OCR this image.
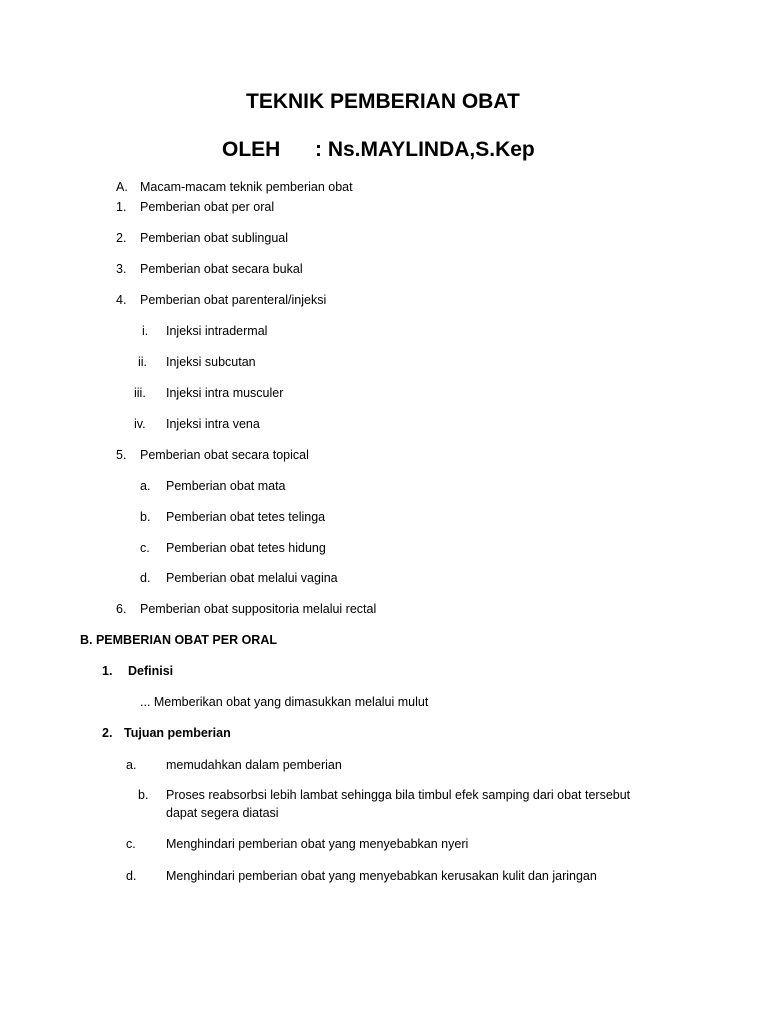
TEKNIK PEMBERIAN OBAT
OLEH : Ns.MAYLINDA,S.Kep
A. Macam-macam teknik pemberian obat
1. Pemberian obat per oral
2. Pemberian obat sublingual
3. Pemberian obat secara bukal
4. Pemberian obat parenteral/injeksi
i. Injeksi intradermal
ii. Injeksi subcutan
iii. Injeksi intra musculer
iv. Injeksi intra vena
5. Pemberian obat secara topical
a. Pemberian obat mata
b. Pemberian obat tetes telinga
c. Pemberian obat tetes hidung
d. Pemberian obat melalui vagina
6. Pemberian obat suppositoria melalui rectal
B. PEMBERIAN OBAT PER ORAL
1. Definisi
... Memberikan obat yang dimasukkan melalui mulut
2. Tujuan pemberian
a. memudahkan dalam pemberian
b. Proses reabsorbsi lebih lambat sehingga bila timbul efek samping dari obat tersebut
dapat segera diatasi
c. Menghindari pemberian obat yang menyebabkan nyeri
d. Menghindari pemberian obat yang menyebabkan kerusakan kulit dan jaringan
